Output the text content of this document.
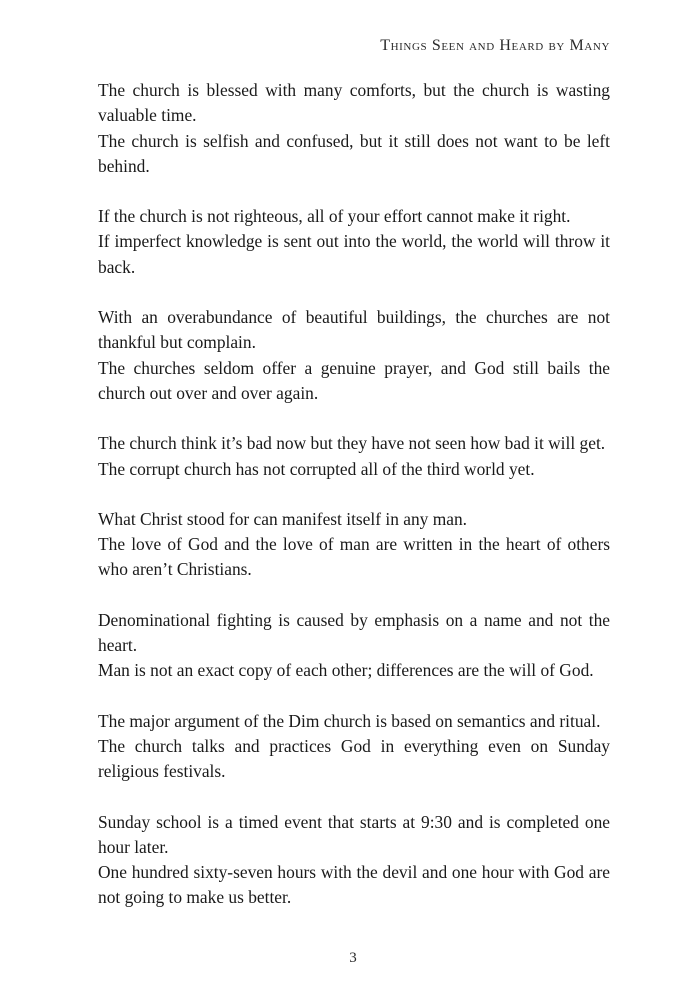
Things Seen and Heard by Many

The church is blessed with many comforts, but the church is wasting valuable time.

The church is selfish and confused, but it still does not want to be left behind.

If the church is not righteous, all of your effort cannot make it right.

If imperfect knowledge is sent out into the world, the world will throw it back.

With an overabundance of beautiful buildings, the churches are not thankful but complain.

The churches seldom offer a genuine prayer, and God still bails the church out over and over again.

The church think it’s bad now but they have not seen how bad it will get.

The corrupt church has not corrupted all of the third world yet.

What Christ stood for can manifest itself in any man.

The love of God and the love of man are written in the heart of others who aren’t Christians.

Denominational fighting is caused by emphasis on a name and not the heart.

Man is not an exact copy of each other; differences are the will of God.

The major argument of the Dim church is based on semantics and ritual.

The church talks and practices God in everything even on Sunday religious festivals.

Sunday school is a timed event that starts at 9:30 and is completed one hour later.

One hundred sixty-seven hours with the devil and one hour with God are not going to make us better.

3
